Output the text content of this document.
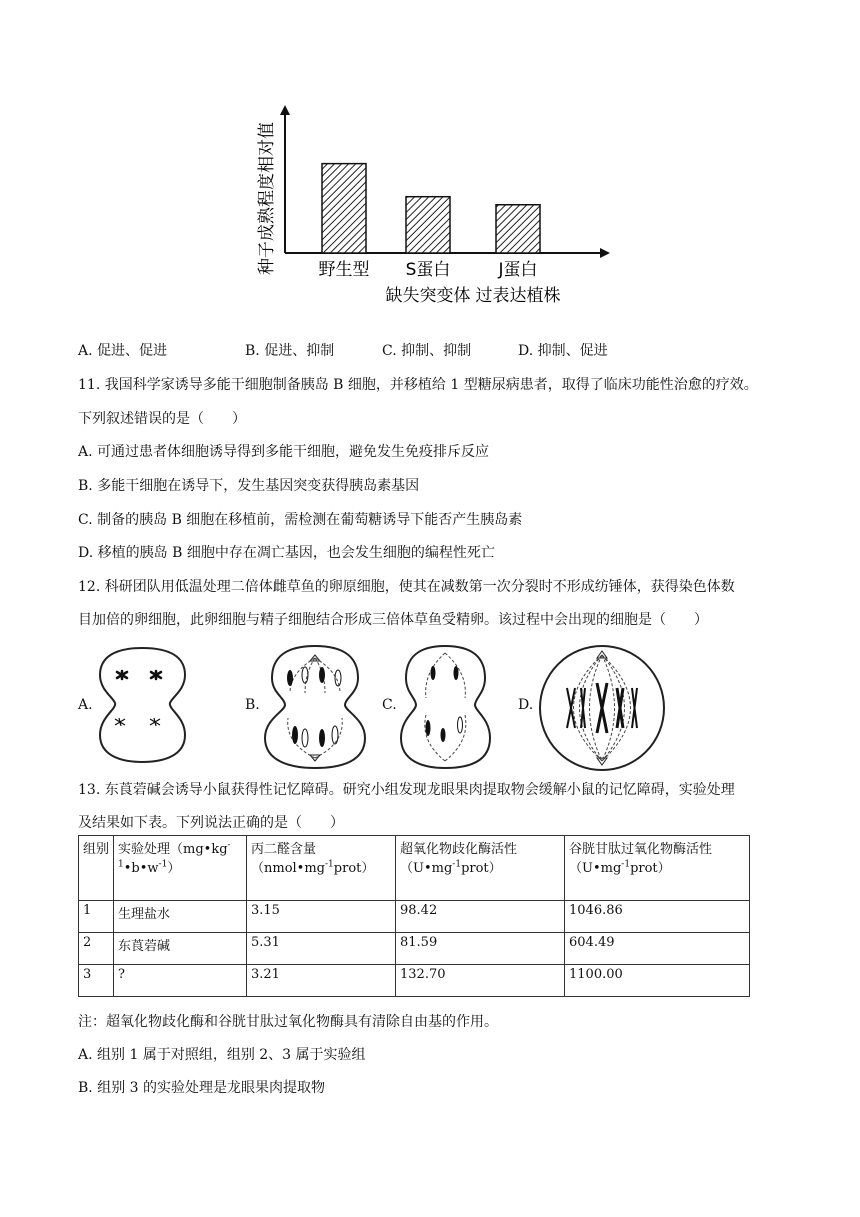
种子成熟程度相对值 野生型 S蛋白
缺失突变体
J蛋白
过表达植株
A. 促进、促进	B. 促进、抑制	C. 抑制、抑制	D. 抑制、促进
11. 我国科学家诱导多能干细胞制备胰岛 B 细胞，并移植给 1 型糖尿病患者，取得了临床功能性治愈的疗效。
下列叙述错误的是（　　）
A. 可通过患者体细胞诱导得到多能干细胞，避免发生免疫排斥反应
B. 多能干细胞在诱导下，发生基因突变获得胰岛素基因
C. 制备的胰岛 B 细胞在移植前，需检测在葡萄糖诱导下能否产生胰岛素
D. 移植的胰岛 B 细胞中存在凋亡基因，也会发生细胞的编程性死亡
12. 科研团队用低温处理二倍体雌草鱼的卵原细胞，使其在减数第一次分裂时不形成纺锤体，获得染色体数
目加倍的卵细胞，此卵细胞与精子细胞结合形成三倍体草鱼受精卵。该过程中会出现的细胞是（　　）
A.	B.	C.	D.
13. 东莨菪碱会诱导小鼠获得性记忆障碍。研究小组发现龙眼果肉提取物会缓解小鼠的记忆障碍，实验处理
及结果如下表。下列说法正确的是（　　）
组别	实验处理$(mg•kg^{-1}•b•w^{-1})$	丙二醛含量$(nmol•mg^{-1}prot)$	超氧化物歧化酶活性$(U•mg^{-1}prot)$	谷胱甘肽过氧化物酶活性$(U•mg^{-1}prot)$
1	生理盐水	3.15	98.42	1046.86
2	东莨菪碱	5.31	81.59	604.49
3	?	3.21	132.70	1100.00
注：超氧化物歧化酶和谷胱甘肽过氧化物酶具有清除自由基的作用。
A. 组别 1 属于对照组，组别 2、3 属于实验组
B. 组别 3 的实验处理是龙眼果肉提取物
